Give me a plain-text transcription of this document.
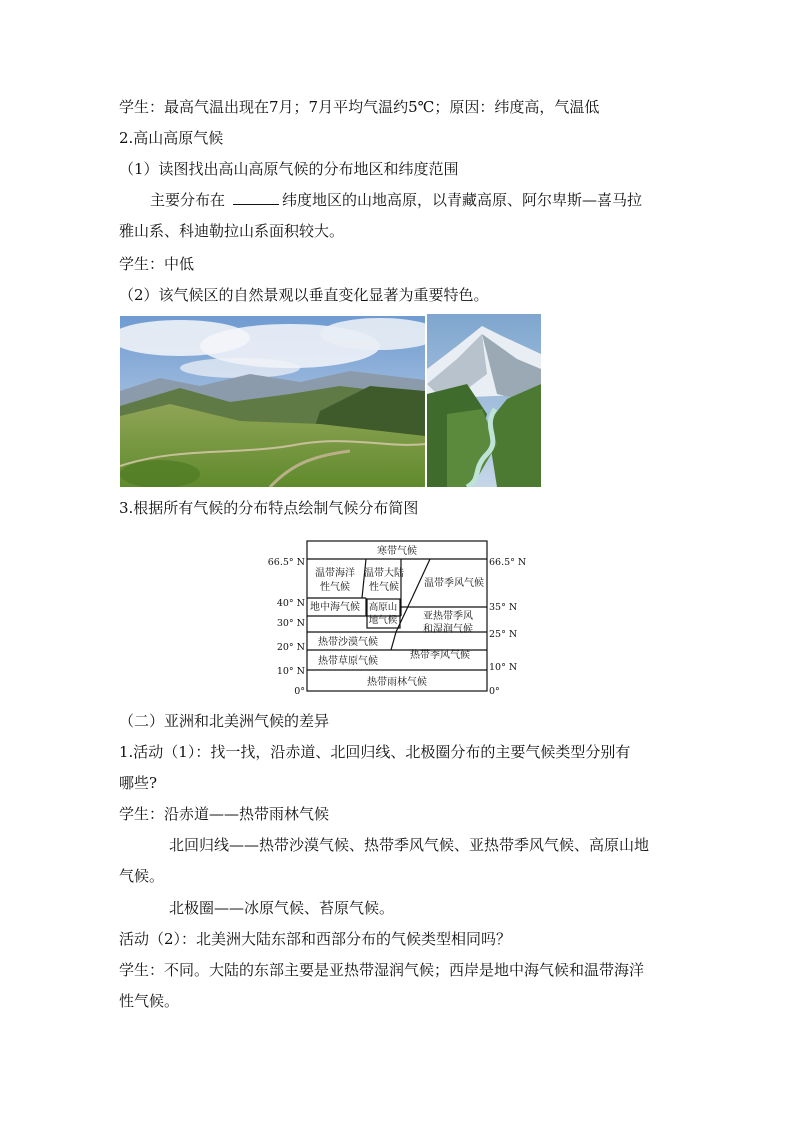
学生：最高气温出现在7月；7月平均气温约5℃；原因：纬度高，气温低
2.高山高原气候
（1）读图找出高山高原气候的分布地区和纬度范围
主要分布在	纬度地区的山地高原，以青藏高原、阿尔卑斯—喜马拉
雅山系、科迪勒拉山系面积较大。
学生：中低
（2）该气候区的自然景观以垂直变化显著为重要特色。
3.根据所有气候的分布特点绘制气候分布简图
66.5° N
40° N
30° N
20° N
10° N
0°
66.5° N
35° N
25° N
10° N
0°
寒带气候
温带海洋
性气候
温带大陆
性气候	温带季风气候
地中海气候 高原山
地气候	亚热带季风
和湿润气候
热带沙漠气候
热带草原气候
热带季风气候
热带雨林气候
（二）亚洲和北美洲气候的差异
1.活动（1）：找一找，沿赤道、北回归线、北极圈分布的主要气候类型分别有
哪些?
学生：沿赤道——热带雨林气候
北回归线——热带沙漠气候、热带季风气候、亚热带季风气候、高原山地
气候。
北极圈——冰原气候、苔原气候。
活动（2）：北美洲大陆东部和西部分布的气候类型相同吗？
学生：不同。大陆的东部主要是亚热带湿润气候；西岸是地中海气候和温带海洋
性气候。
